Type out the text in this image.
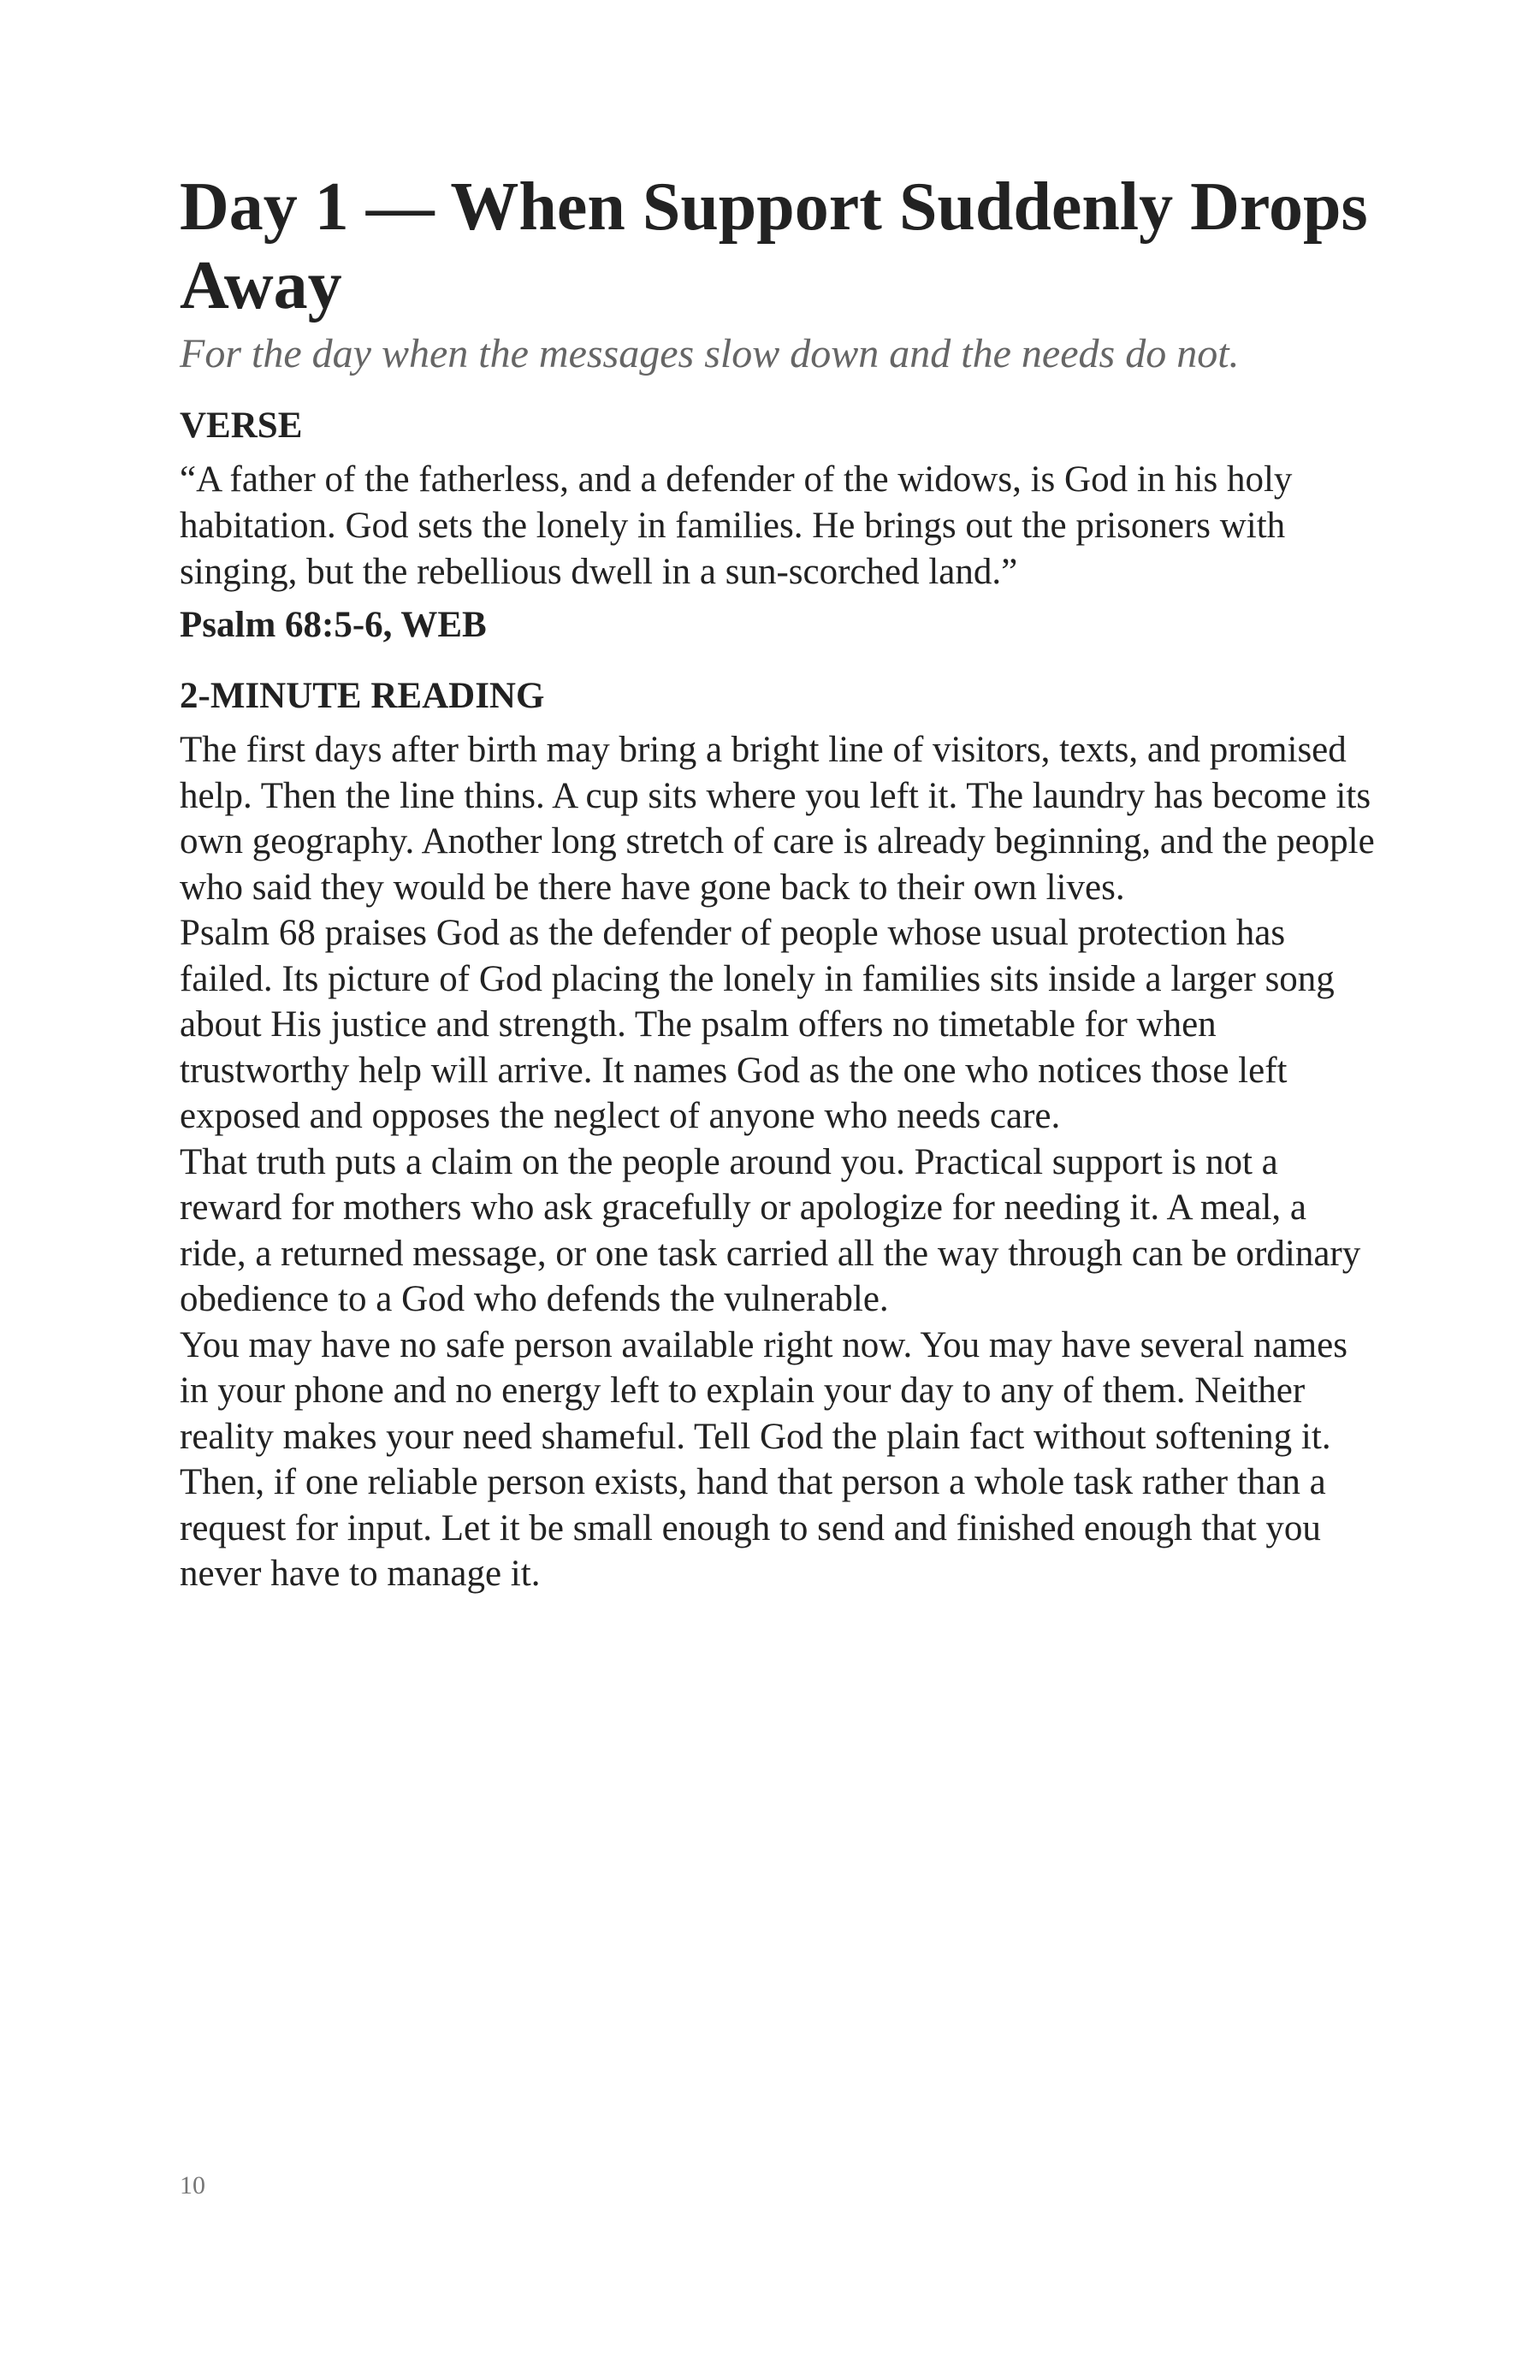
Day 1 — When Support Suddenly Drops Away
For the day when the messages slow down and the needs do not.
VERSE

“A father of the fatherless, and a defender of the widows, is God in his holy habitation. God sets the lonely in families. He brings out the prisoners with singing, but the rebellious dwell in a sun-scorched land.”

Psalm 68:5-6, WEB

2-MINUTE READING

The first days after birth may bring a bright line of visitors, texts, and promised help. Then the line thins. A cup sits where you left it. The laundry has become its own geography. Another long stretch of care is already beginning, and the people who said they would be there have gone back to their own lives.

Psalm 68 praises God as the defender of people whose usual protection has failed. Its picture of God placing the lonely in families sits inside a larger song about His justice and strength. The psalm offers no timetable for when trustworthy help will arrive. It names God as the one who notices those left exposed and opposes the neglect of anyone who needs care.

That truth puts a claim on the people around you. Practical support is not a reward for mothers who ask gracefully or apologize for needing it. A meal, a ride, a returned message, or one task carried all the way through can be ordinary obedience to a God who defends the vulnerable.

You may have no safe person available right now. You may have several names in your phone and no energy left to explain your day to any of them. Neither reality makes your need shameful. Tell God the plain fact without softening it. Then, if one reliable person exists, hand that person a whole task rather than a request for input. Let it be small enough to send and finished enough that you never have to manage it.

10
